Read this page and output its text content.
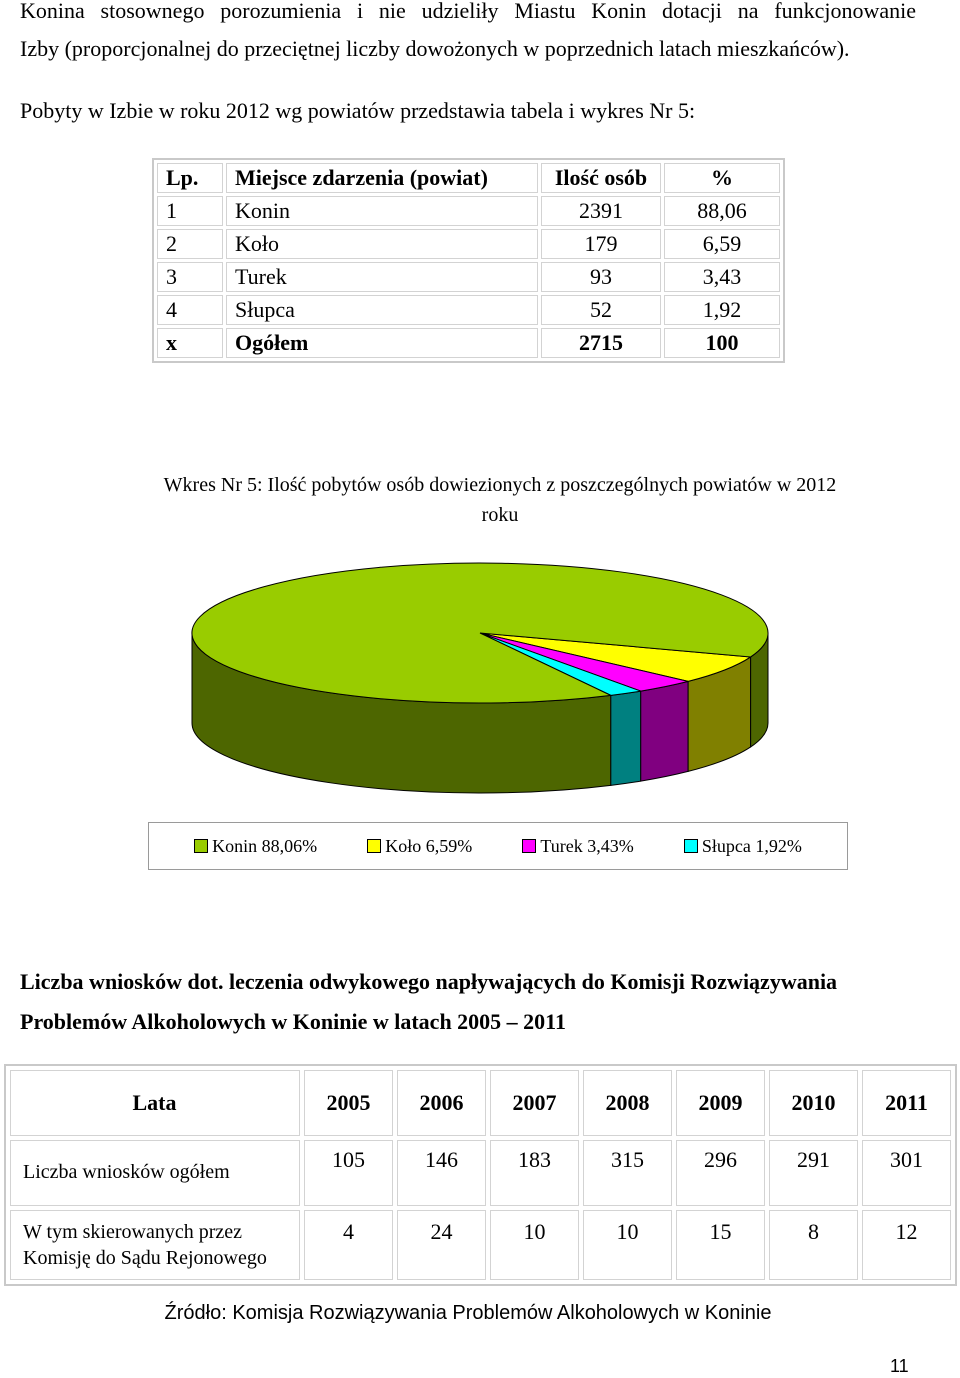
Konina stosownego porozumienia i nie udzieliły Miastu Konin dotacji na funkcjonowanie

Izby (proporcjonalnej do przeciętnej liczby dowożonych w poprzednich latach mieszkańców).

Pobyty w Izbie w roku 2012 wg powiatów przedstawia tabela i wykres Nr 5:

Lp.	Miejsce zdarzenia (powiat)	Ilość osób	%
1	Konin	2391	88,06
2	Koło	179	6,59
3	Turek	93	3,43
4	Słupca	52	1,92
x	Ogółem	2715	100
Wkres Nr 5: Ilość pobytów osób dowiezionych z poszczególnych powiatów w 2012 roku
Konin 88,06%	Koło 6,59%	Turek 3,43%	Słupca 1,92%
Liczba wniosków dot. leczenia odwykowego napływających do Komisji Rozwiązywania Problemów Alkoholowych w Koninie w latach 2005 – 2011
Lata	2005	2006	2007	2008	2009	2010	2011
Liczba wniosków ogółem	105	146	183	315	296	291	301
W tym skierowanych przez Komisję do Sądu Rejonowego	4	24	10	10	15	8	12
Źródło: Komisja Rozwiązywania Problemów Alkoholowych w Koninie
11
